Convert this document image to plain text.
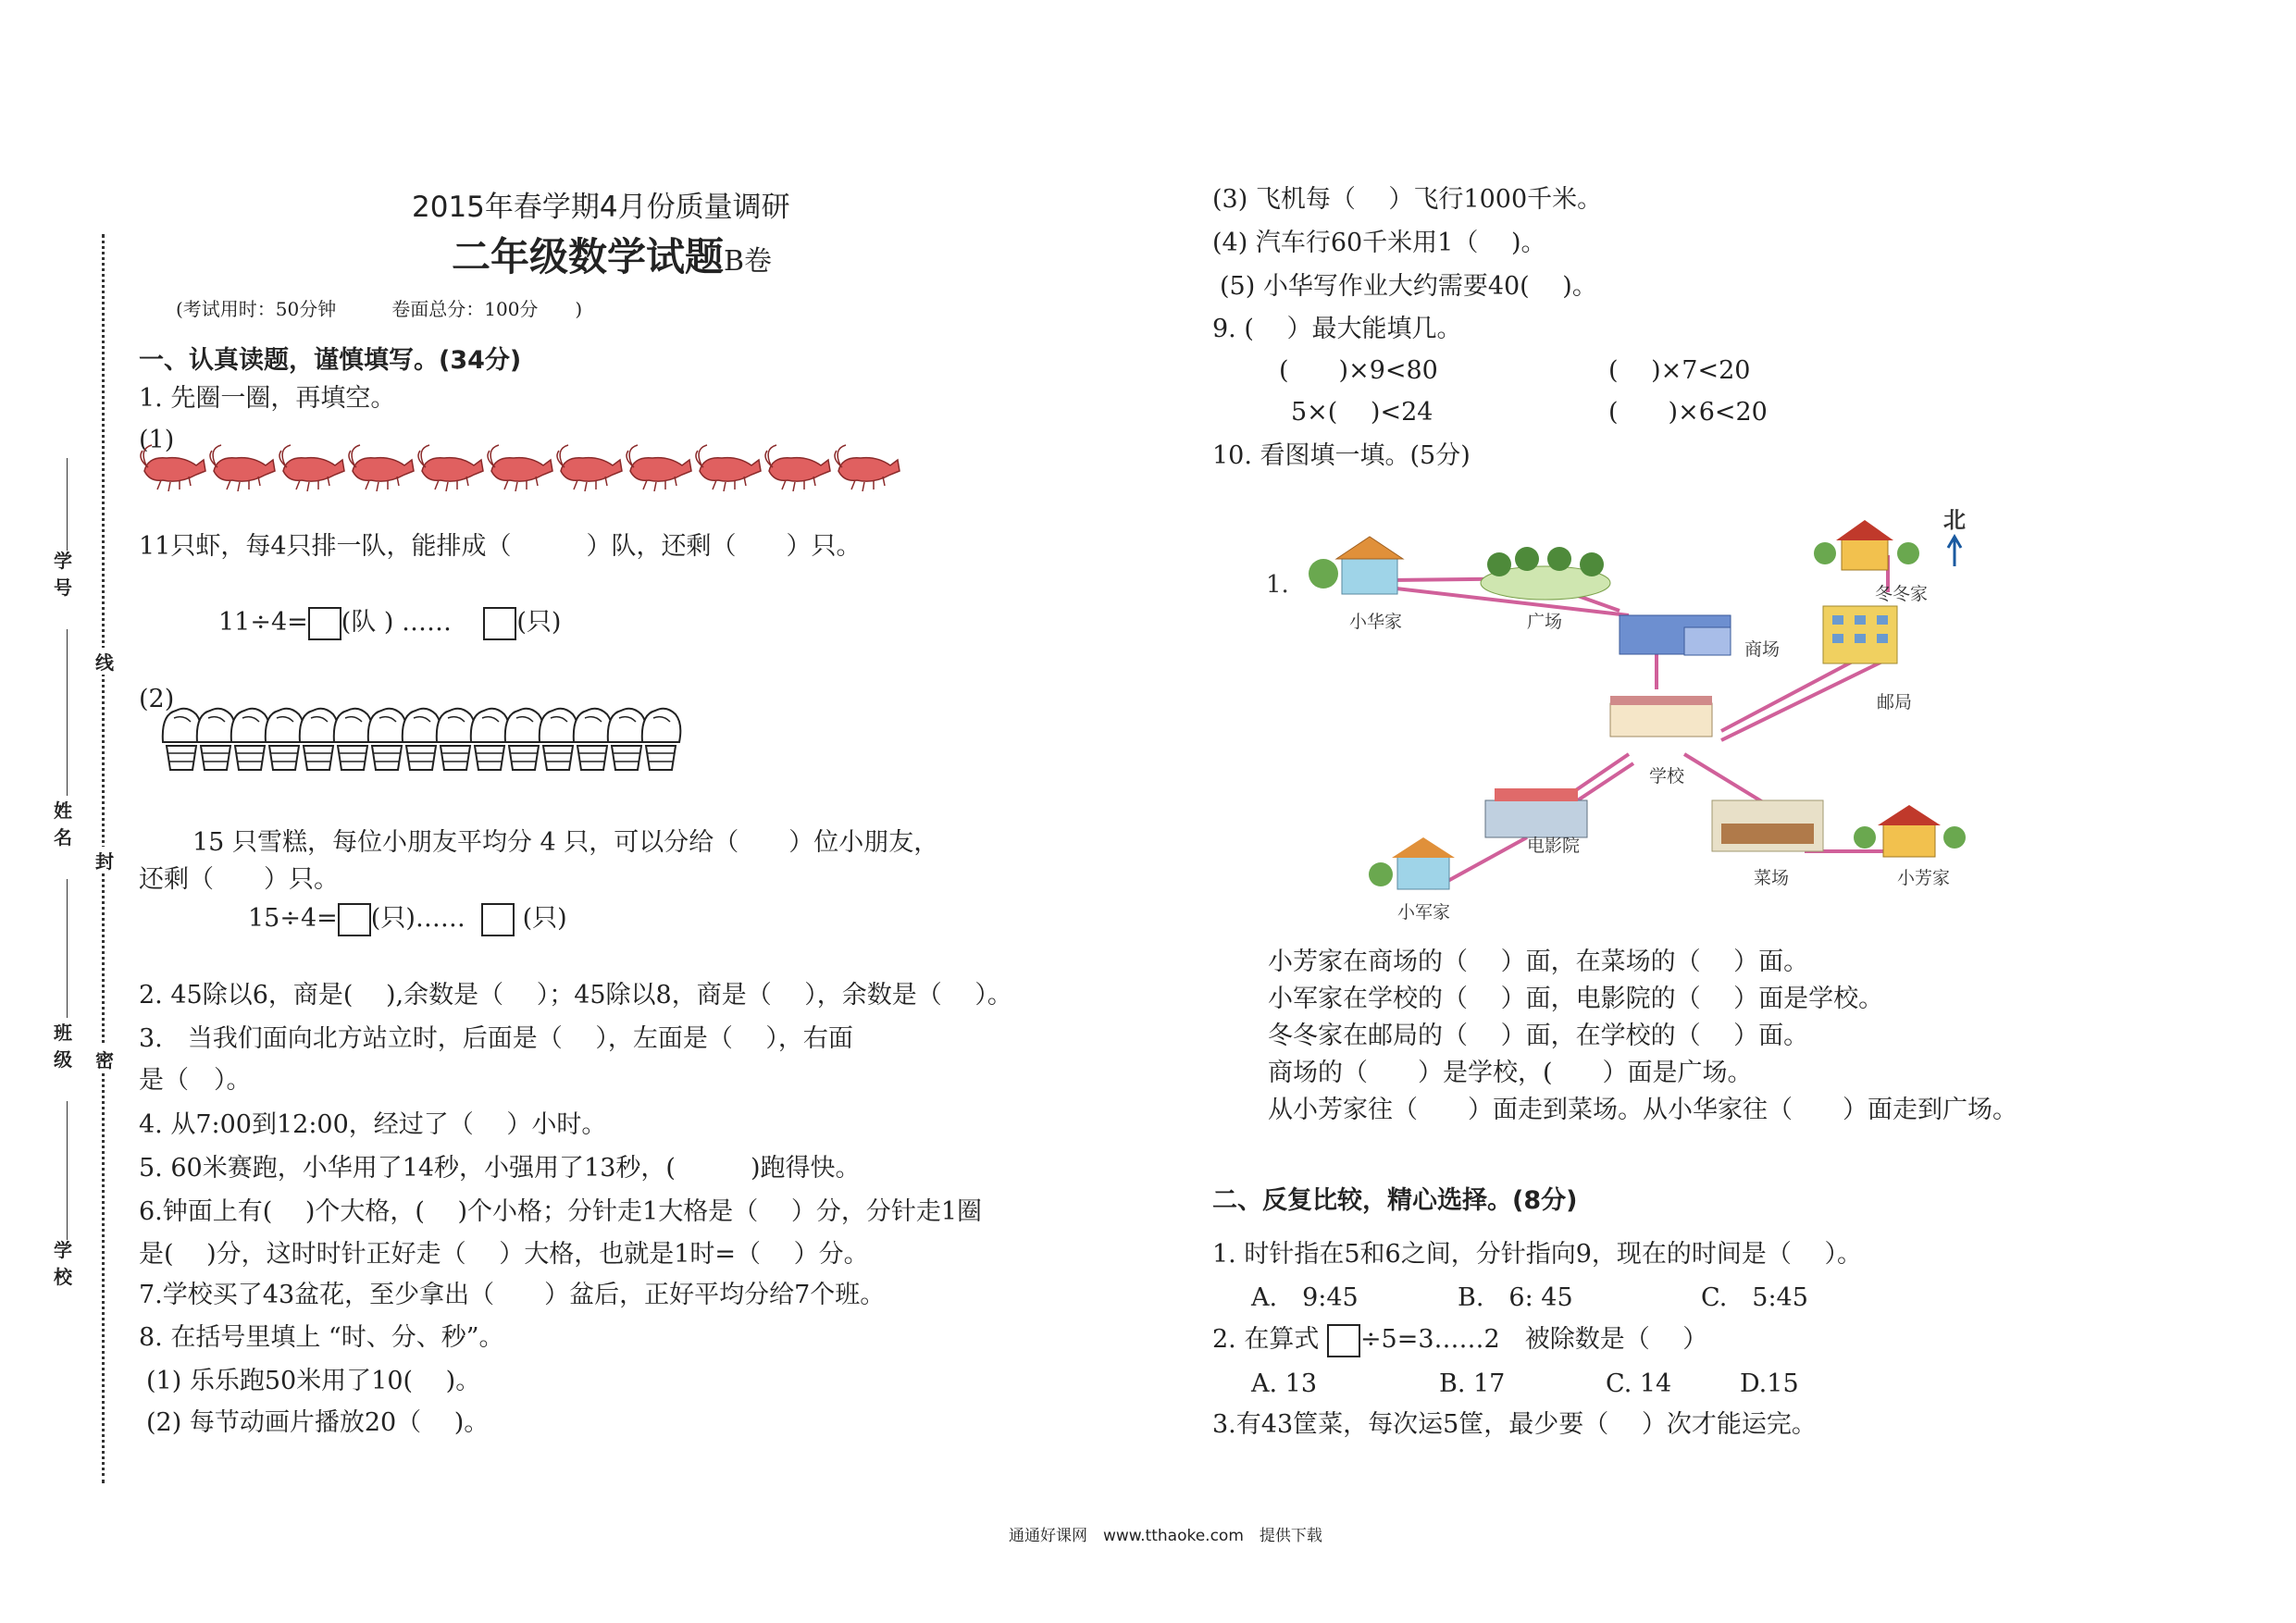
学
号
姓
名
班
级
学
校
线
封
密
2015年春学期4月份质量调研
二年级数学试题B卷
(考试用时：50分钟　　　卷面总分：100分　　)
一、认真读题，谨慎填写。(34分)
1. 先圈一圈，再填空。
(1)
11只虾，每4只排一队，能排成（　　　）队，还剩（　　）只。
11÷4= (队 ) ……	(只)
(2)
15 只雪糕，每位小朋友平均分 4 只，可以分给（　　）位小朋友，
还剩（　　）只。
15÷4= (只)…… (只)
2. 45除以6，商是(　 ),余数是（　 ）；45除以8，商是（　 ），余数是（　 ）。
3.　当我们面向北方站立时，后面是（　 ），左面是（　 ），右面
是（　）。
4. 从7:00到12:00，经过了（　 ）小时。
5. 60米赛跑，小华用了14秒，小强用了13秒，(　　　)跑得快。
6.钟面上有(　 )个大格，(　 )个小格；分针走1大格是（　 ）分，分针走1圈
是(　 )分，这时时针正好走（　 ）大格，也就是1时=（　 ）分。
7.学校买了43盆花，至少拿出（　　）盆后，正好平均分给7个班。
8. 在括号里填上 “时、分、秒”。
(1) 乐乐跑50米用了10(　 )。
(2) 每节动画片播放20（　 )。
(3) 飞机每（　 ）飞行1000千米。
(4) 汽车行60千米用1（　 )。
(5) 小华写作业大约需要40(　 )。
9. (　 ）最大能填几。
(　　)×9<80	(　 )×7<20
5×(　 )<24	(　　)×6<20
10. 看图填一填。(5分)
1.
北
小华家	广场
冬冬家
商场
邮局
学校
电影院
菜场
小军家
小芳家
小芳家在商场的（　 ）面，在菜场的（　 ）面。
小军家在学校的（　 ）面，电影院的（　 ）面是学校。
冬冬家在邮局的（　 ）面，在学校的（　 ）面。
商场的（　　）是学校，(　　）面是广场。
从小芳家往（　　）面走到菜场。从小华家往（　　）面走到广场。
二、反复比较，精心选择。(8分)
1. 时针指在5和6之间，分针指向9，现在的时间是（　 ）。
A.　9:45	B.　6: 45	C.　5:45
2. 在算式 ÷5=3……2　被除数是（　 ）
A. 13	B. 17	C. 14	D.15
3.有43筐菜，每次运5筐，最少要（　 ）次才能运完。
通通好课网　www.tthaoke.com　提供下载
